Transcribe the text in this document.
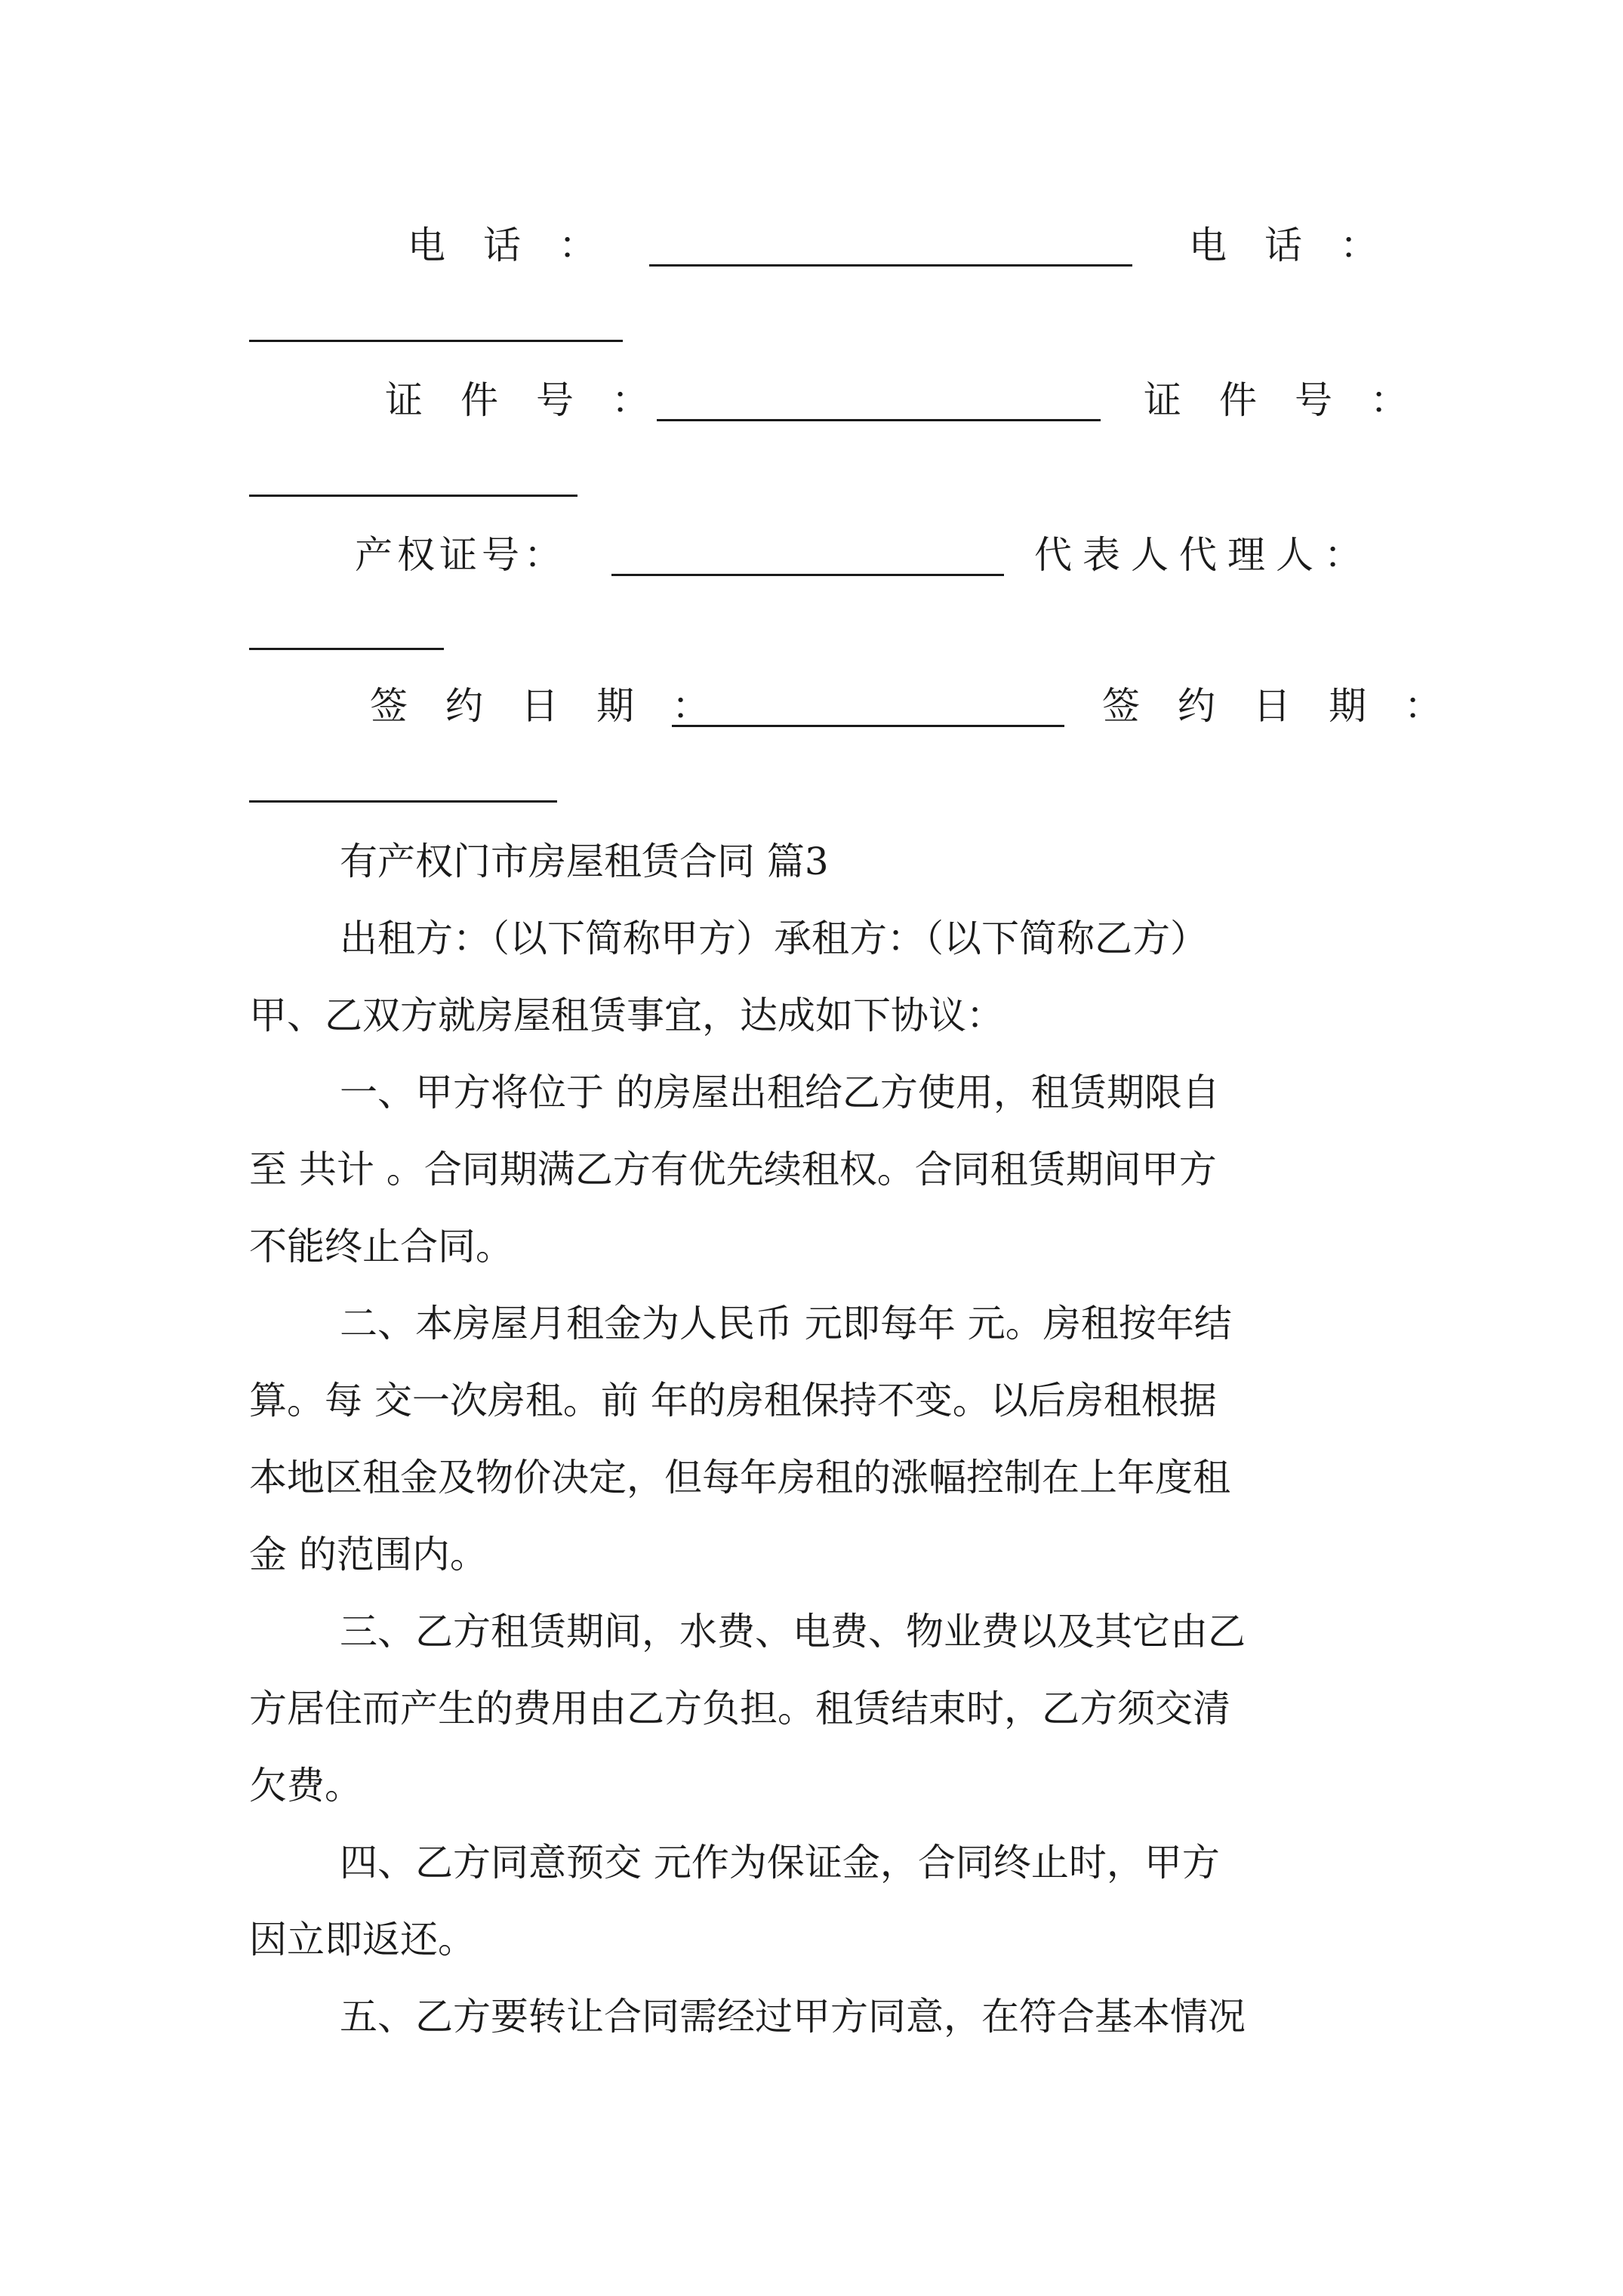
电　话　：	电　话　：
证　件　号　：	证　件　号　：
产权证号：	代表人代理人：
签　约　日　期　：	签　约　日　期　：
有产权门市房屋租赁合同 篇3
出租方：（以下简称甲方）承租方：（以下简称乙方）
甲、乙双方就房屋租赁事宜，达成如下协议：
一、甲方将位于 的房屋出租给乙方使用，租赁期限自
至 共计 。合同期满乙方有优先续租权。合同租赁期间甲方
不能终止合同。
二、本房屋月租金为人民币 元即每年 元。房租按年结
算。每 交一次房租。前 年的房租保持不变。以后房租根据
本地区租金及物价决定，但每年房租的涨幅控制在上年度租
金 的范围内。
三、乙方租赁期间，水费、电费、物业费以及其它由乙
方居住而产生的费用由乙方负担。租赁结束时，乙方须交清
欠费。
四、乙方同意预交 元作为保证金，合同终止时，甲方
因立即返还。
五、乙方要转让合同需经过甲方同意，在符合基本情况
